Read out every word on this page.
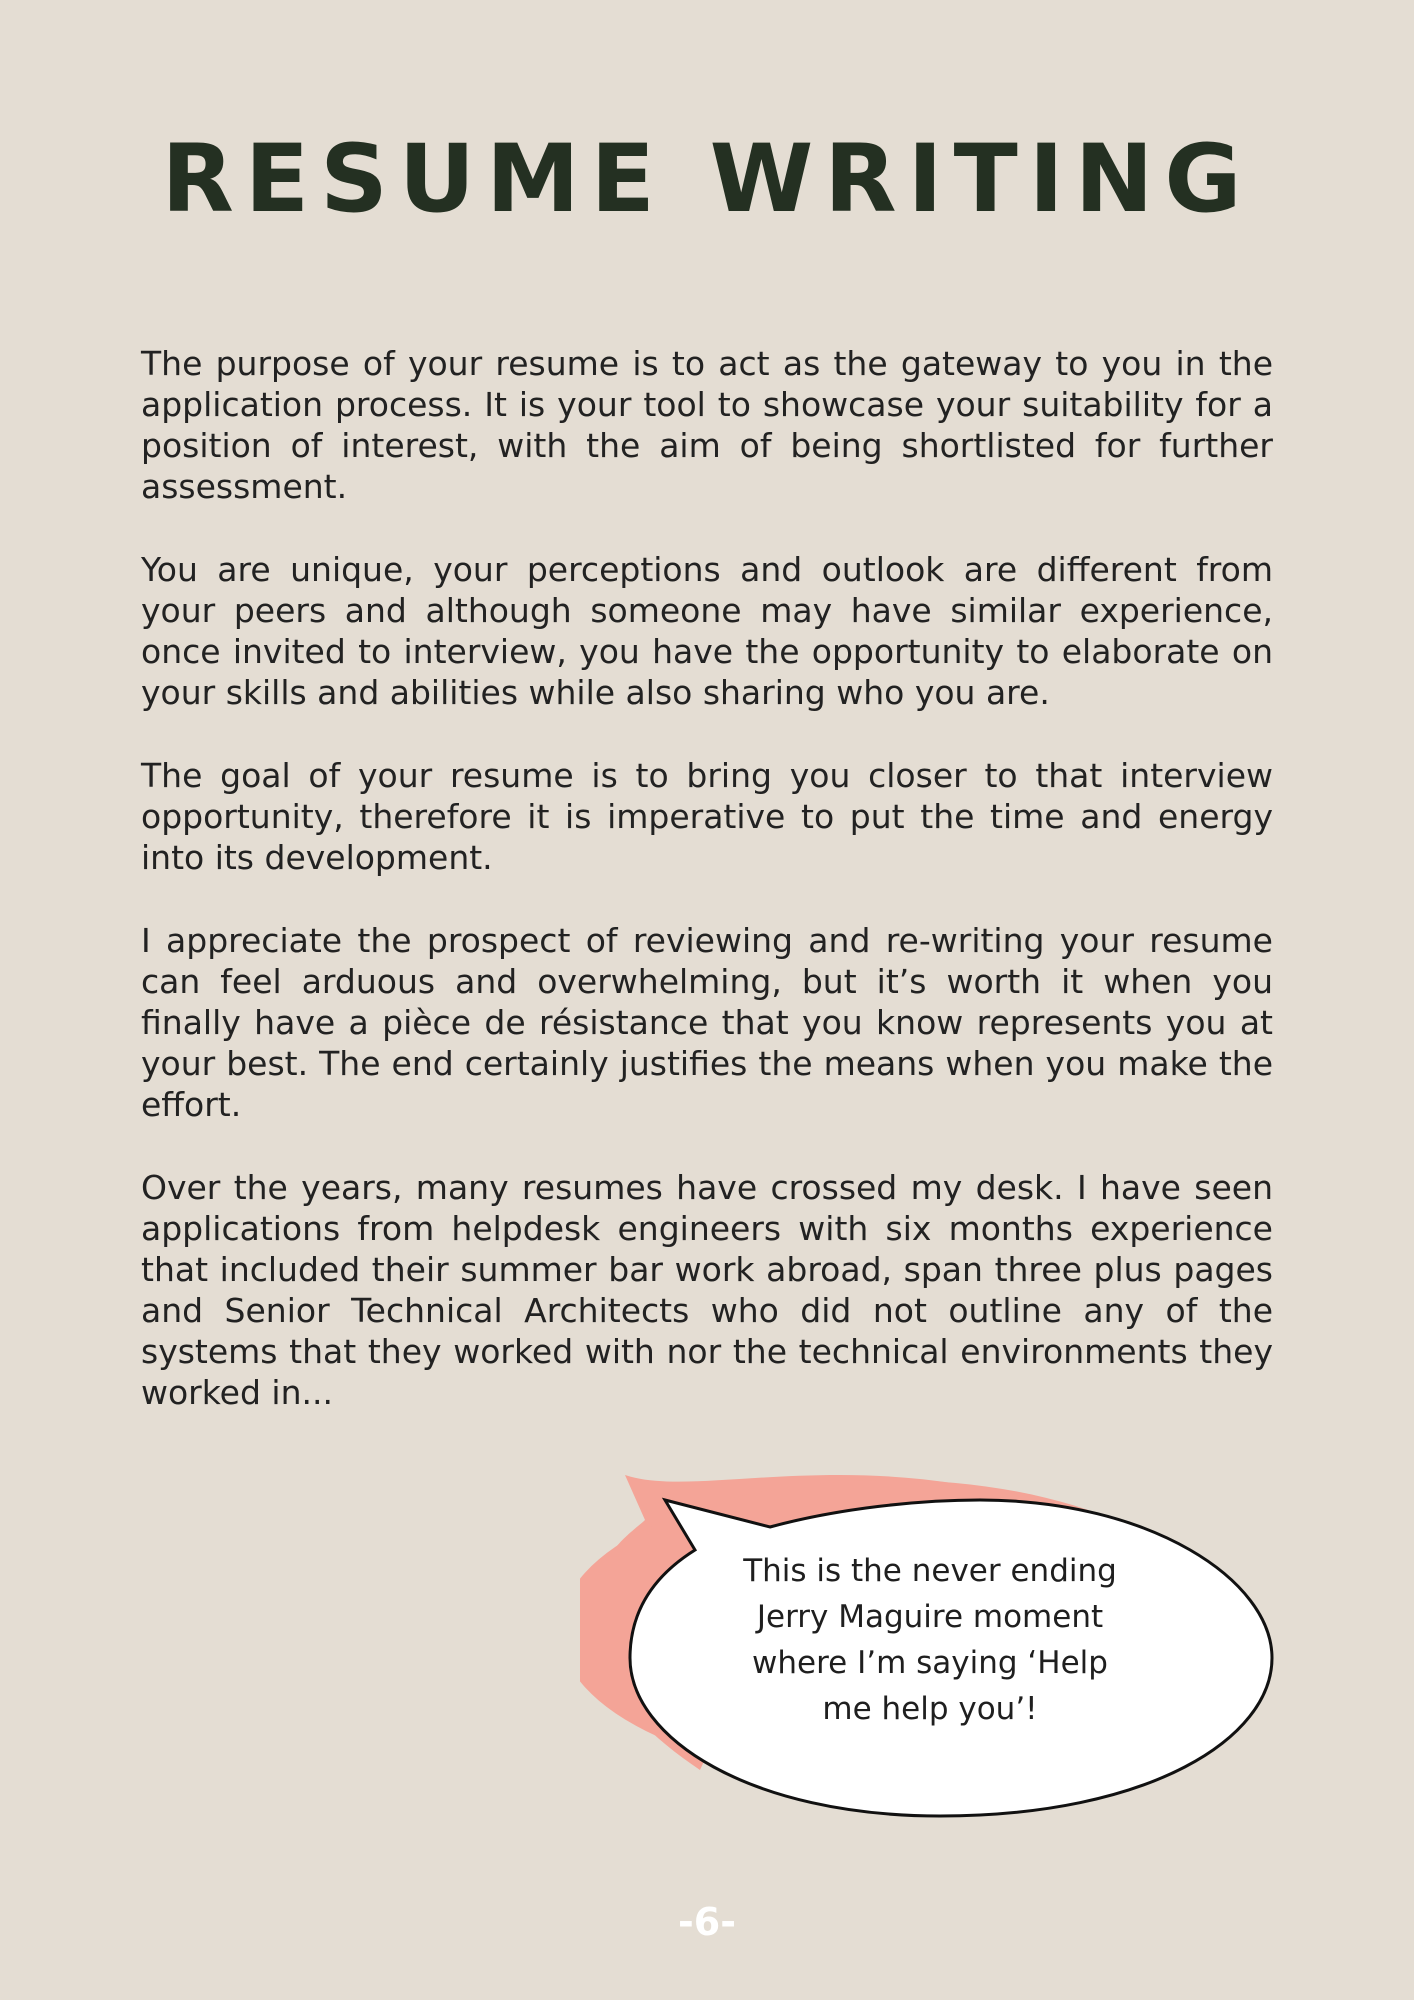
RESUME WRITING

The purpose of your resume is to act as the gateway to you in the application process. It is your tool to showcase your suitability for a position of interest, with the aim of being shortlisted for further assessment.

You are unique, your perceptions and outlook are different from your peers and although someone may have similar experience, once invited to interview, you have the opportunity to elaborate on your skills and abilities while also sharing who you are.

The goal of your resume is to bring you closer to that interview opportunity, therefore it is imperative to put the time and energy into its development.

I appreciate the prospect of reviewing and re-writing your resume can feel arduous and overwhelming, but it’s worth it when you finally have a pièce de résistance that you know represents you at your best. The end certainly justifies the means when you make the effort.

Over the years, many resumes have crossed my desk. I have seen applications from helpdesk engineers with six months experience that included their summer bar work abroad, span three plus pages and Senior Technical Architects who did not outline any of the systems that they worked with nor the technical environments they worked in...

This is the never ending Jerry Maguire moment where I’m saying ‘Help me help you’!

-6-
